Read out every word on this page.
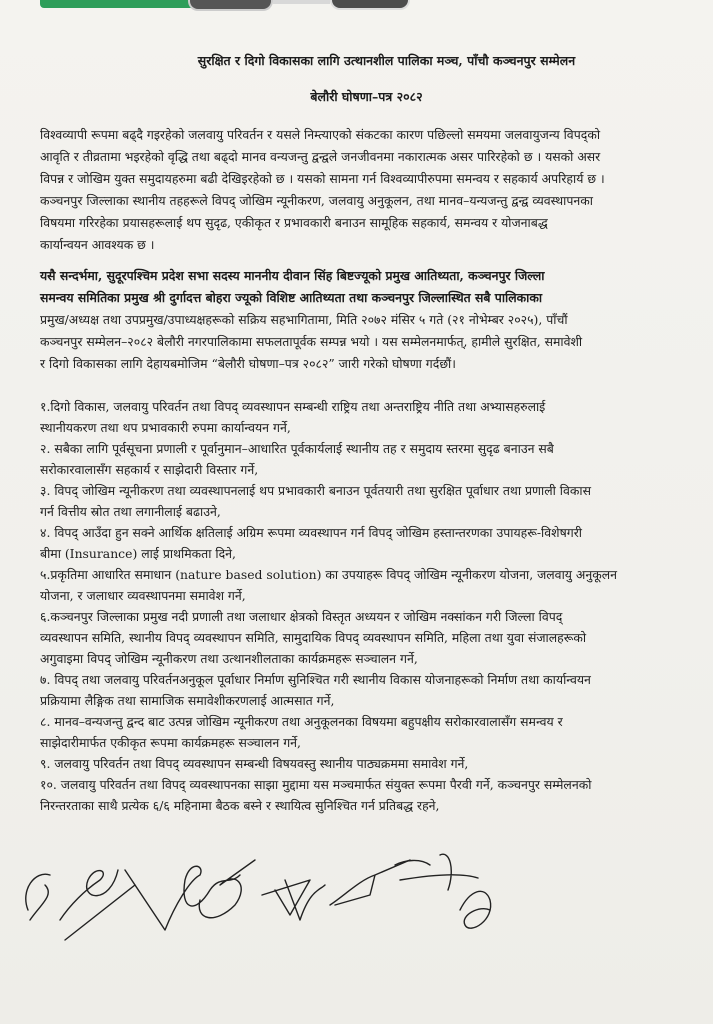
सुरक्षित र दिगो विकासका लागि उत्थानशील पालिका मञ्च, पाँचौ कञ्चनपुर सम्मेलन
बेलौरी घोषणा–पत्र २०८२
विश्वव्यापी रूपमा बढ्दै गइरहेको जलवायु परिवर्तन र यसले निम्त्याएको संकटका कारण पछिल्लो समयमा जलवायुजन्य विपद्को
आवृति र तीव्रतामा भइरहेको वृद्धि तथा बढ्दो मानव वन्यजन्तु द्वन्द्वले जनजीवनमा नकारात्मक असर पारिरहेको छ । यसको असर
विपन्न र जोखिम युक्त समुदायहरुमा बढी देखिइरहेको छ । यसको सामना गर्न विश्वव्यापीरुपमा समन्वय र सहकार्य अपरिहार्य छ ।
कञ्चनपुर जिल्लाका स्थानीय तहहरूले विपद् जोखिम न्यूनीकरण, जलवायु अनुकूलन, तथा मानव–यन्यजन्तु द्वन्द्व व्यवस्थापनका
विषयमा गरिरहेका प्रयासहरूलाई थप सुदृढ, एकीकृत र प्रभावकारी बनाउन सामूहिक सहकार्य, समन्वय र योजनाबद्ध
कार्यान्वयन आवश्यक छ ।
यसै सन्दर्भमा, सुदूरपश्चिम प्रदेश सभा सदस्य माननीय दीवान सिंह बिष्टज्यूको प्रमुख आतिथ्यता, कञ्चनपुर जिल्ला
समन्वय समितिका प्रमुख श्री दुर्गादत्त बोहरा ज्यूको विशिष्ट आतिथ्यता तथा कञ्चनपुर जिल्लास्थित सबै पालिकाका
प्रमुख/अध्यक्ष तथा उपप्रमुख/उपाध्यक्षहरूको सक्रिय सहभागितामा, मिति २०७२ मंसिर ५ गते (२१ नोभेम्बर २०२५), पाँचौं
कञ्चनपुर सम्मेलन–२०८२ बेलौरी नगरपालिकामा सफलतापूर्वक सम्पन्न भयो । यस सम्मेलनमार्फत्, हामीले सुरक्षित, समावेशी
र दिगो विकासका लागि देहायबमोजिम “बेलौरी घोषणा–पत्र २०८२” जारी गरेको घोषणा गर्दछौं।
१.दिगो विकास, जलवायु परिवर्तन तथा विपद् व्यवस्थापन सम्बन्धी राष्ट्रिय तथा अन्तराष्ट्रिय नीति तथा अभ्यासहरुलाई
स्थानीयकरण तथा थप प्रभावकारी रुपमा कार्यान्वयन गर्ने,
२. सबैका लागि पूर्वसूचना प्रणाली र पूर्वानुमान–आधारित पूर्वकार्यलाई स्थानीय तह र समुदाय स्तरमा सुदृढ बनाउन सबै
सरोकारवालासँग सहकार्य र साझेदारी विस्तार गर्ने,
३. विपद् जोखिम न्यूनीकरण तथा व्यवस्थापनलाई थप प्रभावकारी बनाउन पूर्वतयारी तथा सुरक्षित पूर्वाधार तथा प्रणाली विकास
गर्न वित्तीय स्रोत तथा लगानीलाई बढाउने,
४. विपद् आउँदा हुन सक्ने आर्थिक क्षतिलाई अग्रिम रूपमा व्यवस्थापन गर्न विपद् जोखिम हस्तान्तरणका उपायहरू-विशेषगरी
बीमा (Insurance) लाई प्राथमिकता दिने,
५.प्रकृतिमा आधारित समाधान (nature based solution) का उपयाहरू विपद् जोखिम न्यूनीकरण योजना, जलवायु अनुकूलन
योजना, र जलाधार व्यवस्थापनमा समावेश गर्ने,
६.कञ्चनपुर जिल्लाका प्रमुख नदी प्रणाली तथा जलाधार क्षेत्रको विस्तृत अध्ययन र जोखिम नक्सांकन गरी जिल्ला विपद्
व्यवस्थापन समिति, स्थानीय विपद् व्यवस्थापन समिति, सामुदायिक विपद् व्यवस्थापन समिति, महिला तथा युवा संजालहरूको
अगुवाइमा विपद् जोखिम न्यूनीकरण तथा उत्थानशीलताका कार्यक्रमहरू सञ्चालन गर्ने,
७. विपद् तथा जलवायु परिवर्तनअनुकूल पूर्वाधार निर्माण सुनिश्चित गरी स्थानीय विकास योजनाहरूको निर्माण तथा कार्यान्वयन
प्रक्रियामा लैङ्गिक तथा सामाजिक समावेशीकरणलाई आत्मसात गर्ने,
८. मानव–वन्यजन्तु द्वन्द बाट उत्पन्न जोखिम न्यूनीकरण तथा अनुकूलनका विषयमा बहुपक्षीय सरोकारवालासँग समन्वय र
साझेदारीमार्फत एकीकृत रूपमा कार्यक्रमहरू सञ्चालन गर्ने,
९. जलवायु परिवर्तन तथा विपद् व्यवस्थापन सम्बन्धी विषयवस्तु स्थानीय पाठ्यक्रममा समावेश गर्ने,
१०. जलवायु परिवर्तन तथा विपद् व्यवस्थापनका साझा मुद्दामा यस मञ्चमार्फत संयुक्त रूपमा पैरवी गर्ने, कञ्चनपुर सम्मेलनको
निरन्तरताका साथै प्रत्येक ६/६ महिनामा बैठक बस्ने र स्थायित्व सुनिश्चित गर्न प्रतिबद्ध रहने,
